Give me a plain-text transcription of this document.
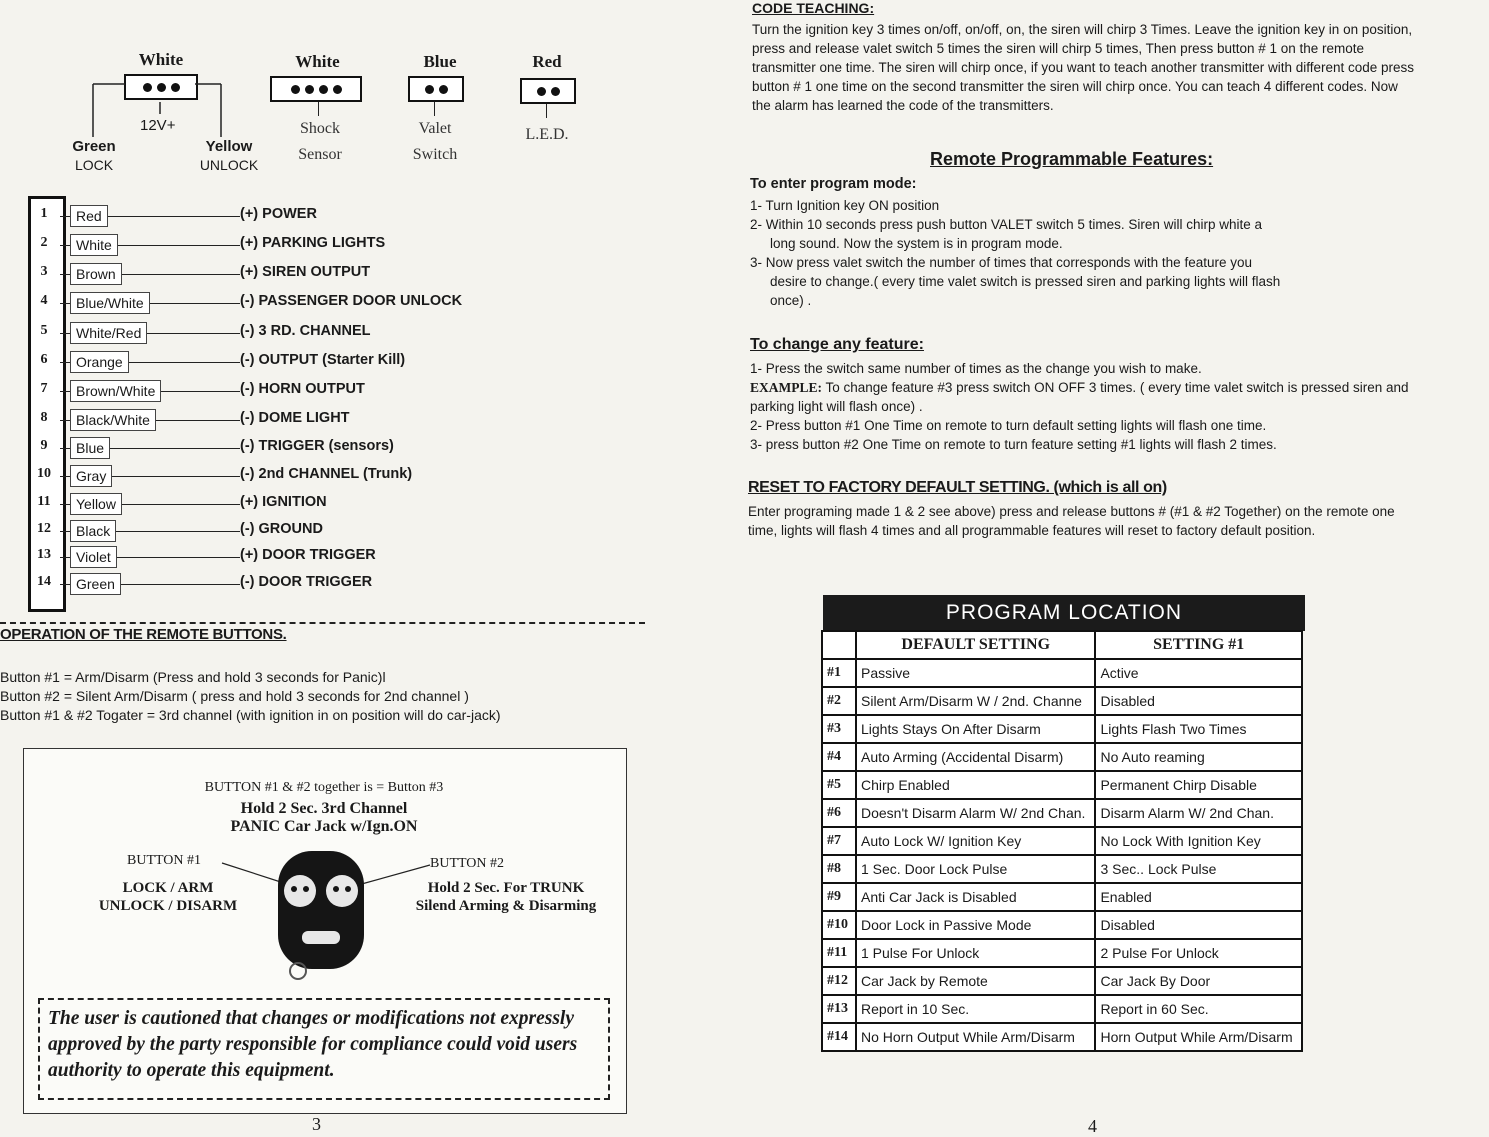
White
12V+
Green
LOCK
Yellow
UNLOCK
White
Shock
Sensor
Blue
Valet
Switch
Red
L.E.D.
1	Red	(+) POWER
2	White	(+) PARKING LIGHTS
3	Brown	(+) SIREN OUTPUT
4	Blue/White	(-) PASSENGER DOOR UNLOCK
5	White/Red	(-) 3 RD. CHANNEL
6	Orange	(-) OUTPUT (Starter Kill)
7	Brown/White	(-) HORN OUTPUT
8	Black/White	(-) DOME LIGHT
9	Blue	(-) TRIGGER (sensors)
10	Gray	(-) 2nd CHANNEL (Trunk)
11	Yellow	(+) IGNITION
12	Black	(-) GROUND
13	Violet	(+) DOOR TRIGGER
14	Green	(-) DOOR TRIGGER
OPERATION OF THE REMOTE BUTTONS.
Button #1 = Arm/Disarm (Press and hold 3 seconds for Panic)l
Button #2 = Silent Arm/Disarm ( press and hold 3 seconds for 2nd channel )
Button #1 & #2 Togater = 3rd channel (with ignition in on position will do car-jack)
BUTTON #1 & #2 together is = Button #3
Hold 2 Sec. 3rd Channel
PANIC Car Jack w/Ign.ON
BUTTON #1
LOCK / ARM
UNLOCK / DISARM
BUTTON #2
Hold 2 Sec. For TRUNK
Silend Arming & Disarming
The user is cautioned that changes or modifications not expressly approved by the party responsible for compliance could void users authority to operate this equipment.
3
CODE TEACHING:
Turn the ignition key 3 times on/off, on/off, on, the siren will chirp 3 Times. Leave the ignition key in on position, press and release valet switch 5 times the siren will chirp 5 times, Then press button # 1 on the remote transmitter one time. The siren will chirp once, if you want to teach another transmitter with different code press button # 1 one time on the second transmitter the siren will chirp once. You can teach 4 different codes. Now the alarm has learned the code of the transmitters.
Remote Programmable Features:
To enter program mode:
1- Turn Ignition key ON position
2- Within 10 seconds press push button VALET switch 5 times. Siren will chirp white a long sound. Now the system is in program mode.
3- Now press valet switch the number of times that corresponds with the feature you desire to change.( every time valet switch is pressed siren and parking lights will flash once) .
To change any feature:
1- Press the switch same number of times as the change you wish to make.
EXAMPLE: To change feature #3 press switch ON OFF 3 times. ( every time valet switch is pressed siren and parking light will flash once) .
2- Press button #1 One Time on remote to turn default setting lights will flash one time.
3- press button #2 One Time on remote to turn feature setting #1 lights will flash 2 times.
RESET TO FACTORY DEFAULT SETTING. (which is all on)
Enter programing made 1 & 2 see above) press and release buttons # (#1 & #2 Together) on the remote one time, lights will flash 4 times and all programmable features will reset to factory default position.
PROGRAM LOCATION
	DEFAULT SETTING	SETTING #1
#1	Passive	Active
#2	Silent Arm/Disarm W / 2nd. Channe	Disabled
#3	Lights Stays On After Disarm	Lights Flash Two Times
#4	Auto Arming (Accidental Disarm)	No Auto reaming
#5	Chirp Enabled	Permanent Chirp Disable
#6	Doesn't Disarm Alarm W/ 2nd Chan.	Disarm Alarm W/ 2nd Chan.
#7	Auto Lock W/ Ignition Key	No Lock With Ignition Key
#8	1 Sec. Door Lock Pulse	3 Sec.. Lock Pulse
#9	Anti Car Jack is Disabled	Enabled
#10	Door Lock in Passive Mode	Disabled
#11	1 Pulse For Unlock	2 Pulse For Unlock
#12	Car Jack by Remote	Car Jack By Door
#13	Report in 10 Sec.	Report in 60 Sec.
#14	No Horn Output While Arm/Disarm	Horn Output While Arm/Disarm
4
